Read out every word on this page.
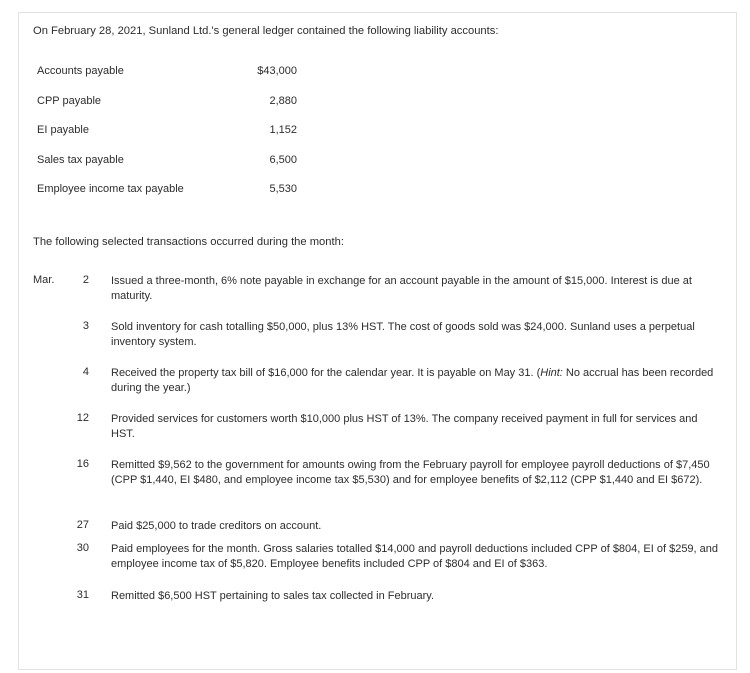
On February 28, 2021, Sunland Ltd.'s general ledger contained the following liability accounts:
Accounts payable	$43,000
CPP payable	2,880
EI payable	1,152
Sales tax payable	6,500
Employee income tax payable	5,530
The following selected transactions occurred during the month:
Mar.	2 Issued a three-month, 6% note payable in exchange for an account payable in the amount of $15,000. Interest is due at maturity.
3 Sold inventory for cash totalling $50,000, plus 13% HST. The cost of goods sold was $24,000. Sunland uses a perpetual inventory system.
4 Received the property tax bill of $16,000 for the calendar year. It is payable on May 31. (Hint: No accrual has been recorded during the year.)
12 Provided services for customers worth $10,000 plus HST of 13%. The company received payment in full for services and HST.
16 Remitted $9,562 to the government for amounts owing from the February payroll for employee payroll deductions of $7,450 (CPP $1,440, EI $480, and employee income tax $5,530) and for employee benefits of $2,112 (CPP $1,440 and EI $672).
27 Paid $25,000 to trade creditors on account.
30 Paid employees for the month. Gross salaries totalled $14,000 and payroll deductions included CPP of $804, EI of $259, and employee income tax of $5,820. Employee benefits included CPP of $804 and EI of $363.
31 Remitted $6,500 HST pertaining to sales tax collected in February.
